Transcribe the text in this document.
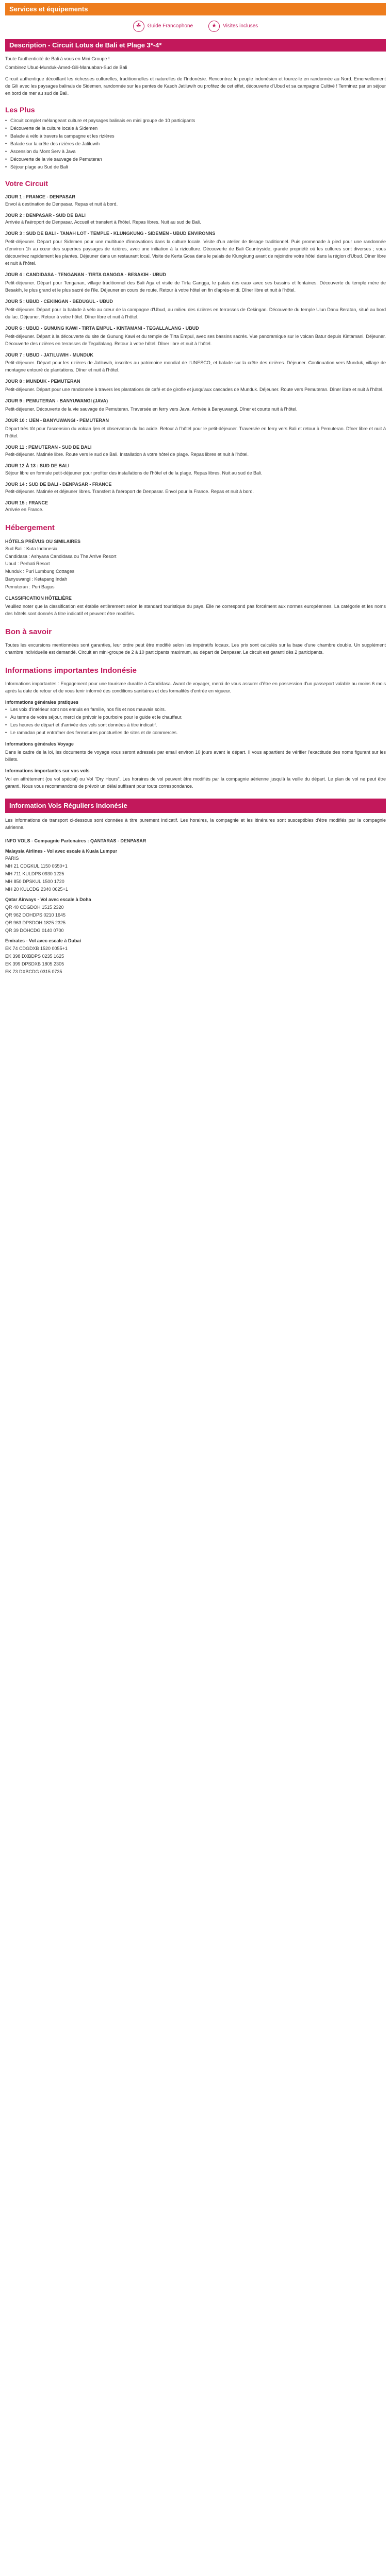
Services et équipements
☘	Guide Francophone	★	Visites incluses
Description - Circuit Lotus de Bali et Plage 3*-4*

Toute l'authenticité de Bali à vous en Mini Groupe !

Combinez Ubud-Munduk-Amed-Gili-Manuaban-Sud de Bali

Circuit authentique décoiffant les richesses culturelles, traditionnelles et naturelles de l'Indonésie. Rencontrez le peuple indonésien et tourez-le en randonnée au Nord. Emerveillement de Gili avec les paysages balinais de Sidemen, randonnée sur les pentes de Kasoh Jatiluwih ou profitez de cet effet, découverte d'Ubud et sa campagne Cultivé ! Terminez par un séjour en bord de mer au sud de Bali.

Les Plus
• Circuit complet mélangeant culture et paysages balinais en mini groupe de 10 participants
• Découverte de la culture locale à Sidemen
• Balade à vélo à travers la campagne et les rizières
• Balade sur la crête des rizières de Jatiluwih
• Ascension du Mont Serv à Java
• Découverte de la vie sauvage de Pemuteran
• Séjour plage au Sud de Bali
Votre Circuit
JOUR 1 : FRANCE - DENPASAR

Envol à destination de Denpasar. Repas et nuit à bord.

JOUR 2 : DENPASAR - SUD DE BALI

Arrivée à l'aéroport de Denpasar. Accueil et transfert à l'hôtel. Repas libres. Nuit au sud de Bali.

JOUR 3 : SUD DE BALI - TANAH LOT - TEMPLE - KLUNGKUNG - SIDEMEN - UBUD ENVIRONNS

Petit-déjeuner. Départ pour Sidemen pour une multitude d'innovations dans la culture locale. Visite d'un atelier de tissage traditionnel. Puis promenade à pied pour une randonnée d'environ 1h au cœur des superbes paysages de rizières, avec une initiation à la riziculture. Découverte de Bali Countryside, grande propriété où les cultures sont diverses ; vous découvrirez rapidement les plantes. Déjeuner dans un restaurant local. Visite de Kerta Gosa dans le palais de Klungkung avant de rejoindre votre hôtel dans la région d'Ubud. Dîner libre et nuit à l'hôtel.

JOUR 4 : CANDIDASA - TENGANAN - TIRTA GANGGA - BESAKIH - UBUD

Petit-déjeuner. Départ pour Tenganan, village traditionnel des Bali Aga et visite de Tirta Gangga, le palais des eaux avec ses bassins et fontaines. Découverte du temple mère de Besakih, le plus grand et le plus sacré de l'île. Déjeuner en cours de route. Retour à votre hôtel en fin d'après-midi. Dîner libre et nuit à l'hôtel.

JOUR 5 : UBUD - CEKINGAN - BEDUGUL - UBUD

Petit-déjeuner. Départ pour la balade à vélo au cœur de la campagne d'Ubud, au milieu des rizières en terrasses de Cekingan. Découverte du temple Ulun Danu Beratan, situé au bord du lac. Déjeuner. Retour à votre hôtel. Dîner libre et nuit à l'hôtel.

JOUR 6 : UBUD - GUNUNG KAWI - TIRTA EMPUL - KINTAMANI - TEGALLALANG - UBUD

Petit-déjeuner. Départ à la découverte du site de Gunung Kawi et du temple de Tirta Empul, avec ses bassins sacrés. Vue panoramique sur le volcan Batur depuis Kintamani. Déjeuner. Découverte des rizières en terrasses de Tegallalang. Retour à votre hôtel. Dîner libre et nuit à l'hôtel.

JOUR 7 : UBUD - JATILUWIH - MUNDUK

Petit-déjeuner. Départ pour les rizières de Jatiluwih, inscrites au patrimoine mondial de l'UNESCO, et balade sur la crête des rizières. Déjeuner. Continuation vers Munduk, village de montagne entouré de plantations. Dîner et nuit à l'hôtel.

JOUR 8 : MUNDUK - PEMUTERAN

Petit-déjeuner. Départ pour une randonnée à travers les plantations de café et de girofle et jusqu'aux cascades de Munduk. Déjeuner. Route vers Pemuteran. Dîner libre et nuit à l'hôtel.

JOUR 9 : PEMUTERAN - BANYUWANGI (JAVA)

Petit-déjeuner. Découverte de la vie sauvage de Pemuteran. Traversée en ferry vers Java. Arrivée à Banyuwangi. Dîner et courte nuit à l'hôtel.

JOUR 10 : IJEN - BANYUWANGI - PEMUTERAN

Départ très tôt pour l'ascension du volcan Ijen et observation du lac acide. Retour à l'hôtel pour le petit-déjeuner. Traversée en ferry vers Bali et retour à Pemuteran. Dîner libre et nuit à l'hôtel.

JOUR 11 : PEMUTERAN - SUD DE BALI

Petit-déjeuner. Matinée libre. Route vers le sud de Bali. Installation à votre hôtel de plage. Repas libres et nuit à l'hôtel.

JOUR 12 À 13 : SUD DE BALI

Séjour libre en formule petit-déjeuner pour profiter des installations de l'hôtel et de la plage. Repas libres. Nuit au sud de Bali.

JOUR 14 : SUD DE BALI - DENPASAR - FRANCE

Petit-déjeuner. Matinée et déjeuner libres. Transfert à l'aéroport de Denpasar. Envol pour la France. Repas et nuit à bord.

JOUR 15 : FRANCE

Arrivée en France.

Hébergement
HÔTELS PRÉVUS OU SIMILAIRES

Sud Bali : Kuta Indonesia

Candidasa : Ashyana Candidasa ou The Arrive Resort

Ubud : Perhati Resort

Munduk : Puri Lumbung Cottages

Banyuwangi : Ketapang Indah

Pemuteran : Puri Bagus

CLASSIFICATION HÔTELIÈRE

Veuillez noter que la classification est établie entièrement selon le standard touristique du pays. Elle ne correspond pas forcément aux normes européennes. La catégorie et les noms des hôtels sont donnés à titre indicatif et peuvent être modifiés.

Bon à savoir

Toutes les excursions mentionnées sont garanties, leur ordre peut être modifié selon les impératifs locaux. Les prix sont calculés sur la base d'une chambre double. Un supplément chambre individuelle est demandé. Circuit en mini-groupe de 2 à 10 participants maximum, au départ de Denpasar. Le circuit est garanti dès 2 participants.

Informations importantes Indonésie

Informations importantes : Engagement pour une tourisme durable à Candidasa. Avant de voyager, merci de vous assurer d'être en possession d'un passeport valable au moins 6 mois après la date de retour et de vous tenir informé des conditions sanitaires et des formalités d'entrée en vigueur.

Informations générales pratiques
• Les voix d'intérieur sont nos ennuis en famille, nos fils et nos mauvais soirs.
• Au terme de votre séjour, merci de prévoir le pourboire pour le guide et le chauffeur.
• Les heures de départ et d'arrivée des vols sont données à titre indicatif.
• Le ramadan peut entraîner des fermetures ponctuelles de sites et de commerces.
Informations générales Voyage

Dans le cadre de la loi, les documents de voyage vous seront adressés par email environ 10 jours avant le départ. Il vous appartient de vérifier l'exactitude des noms figurant sur les billets.

Informations importantes sur vos vols

Vol en affrètement (ou vol spécial) ou Vol "Dry Hours". Les horaires de vol peuvent être modifiés par la compagnie aérienne jusqu'à la veille du départ. Le plan de vol ne peut être garanti. Nous vous recommandons de prévoir un délai suffisant pour toute correspondance.

Information Vols Réguliers Indonésie

Les informations de transport ci-dessous sont données à titre purement indicatif. Les horaires, la compagnie et les itinéraires sont susceptibles d'être modifiés par la compagnie aérienne.

INFO VOLS - Compagnie Partenaires : QANTARAS - DENPASAR

Malaysia Airlines - Vol avec escale à Kuala Lumpur

PARIS

MH 21 CDGKUL 1150 0650+1

MH 711 KULDPS 0930 1225

MH 850 DPSKUL 1500 1720

MH 20 KULCDG 2340 0625+1

Qatar Airways - Vol avec escale à Doha

QR 40 CDGDOH 1515 2320

QR 962 DOHDPS 0210 1645

QR 963 DPSDOH 1825 2325

QR 39 DOHCDG 0140 0700

Emirates - Vol avec escale à Dubai

EK 74 CDGDXB 1520 0055+1

EK 398 DXBDPS 0235 1625

EK 399 DPSDXB 1805 2305

EK 73 DXBCDG 0315 0735
